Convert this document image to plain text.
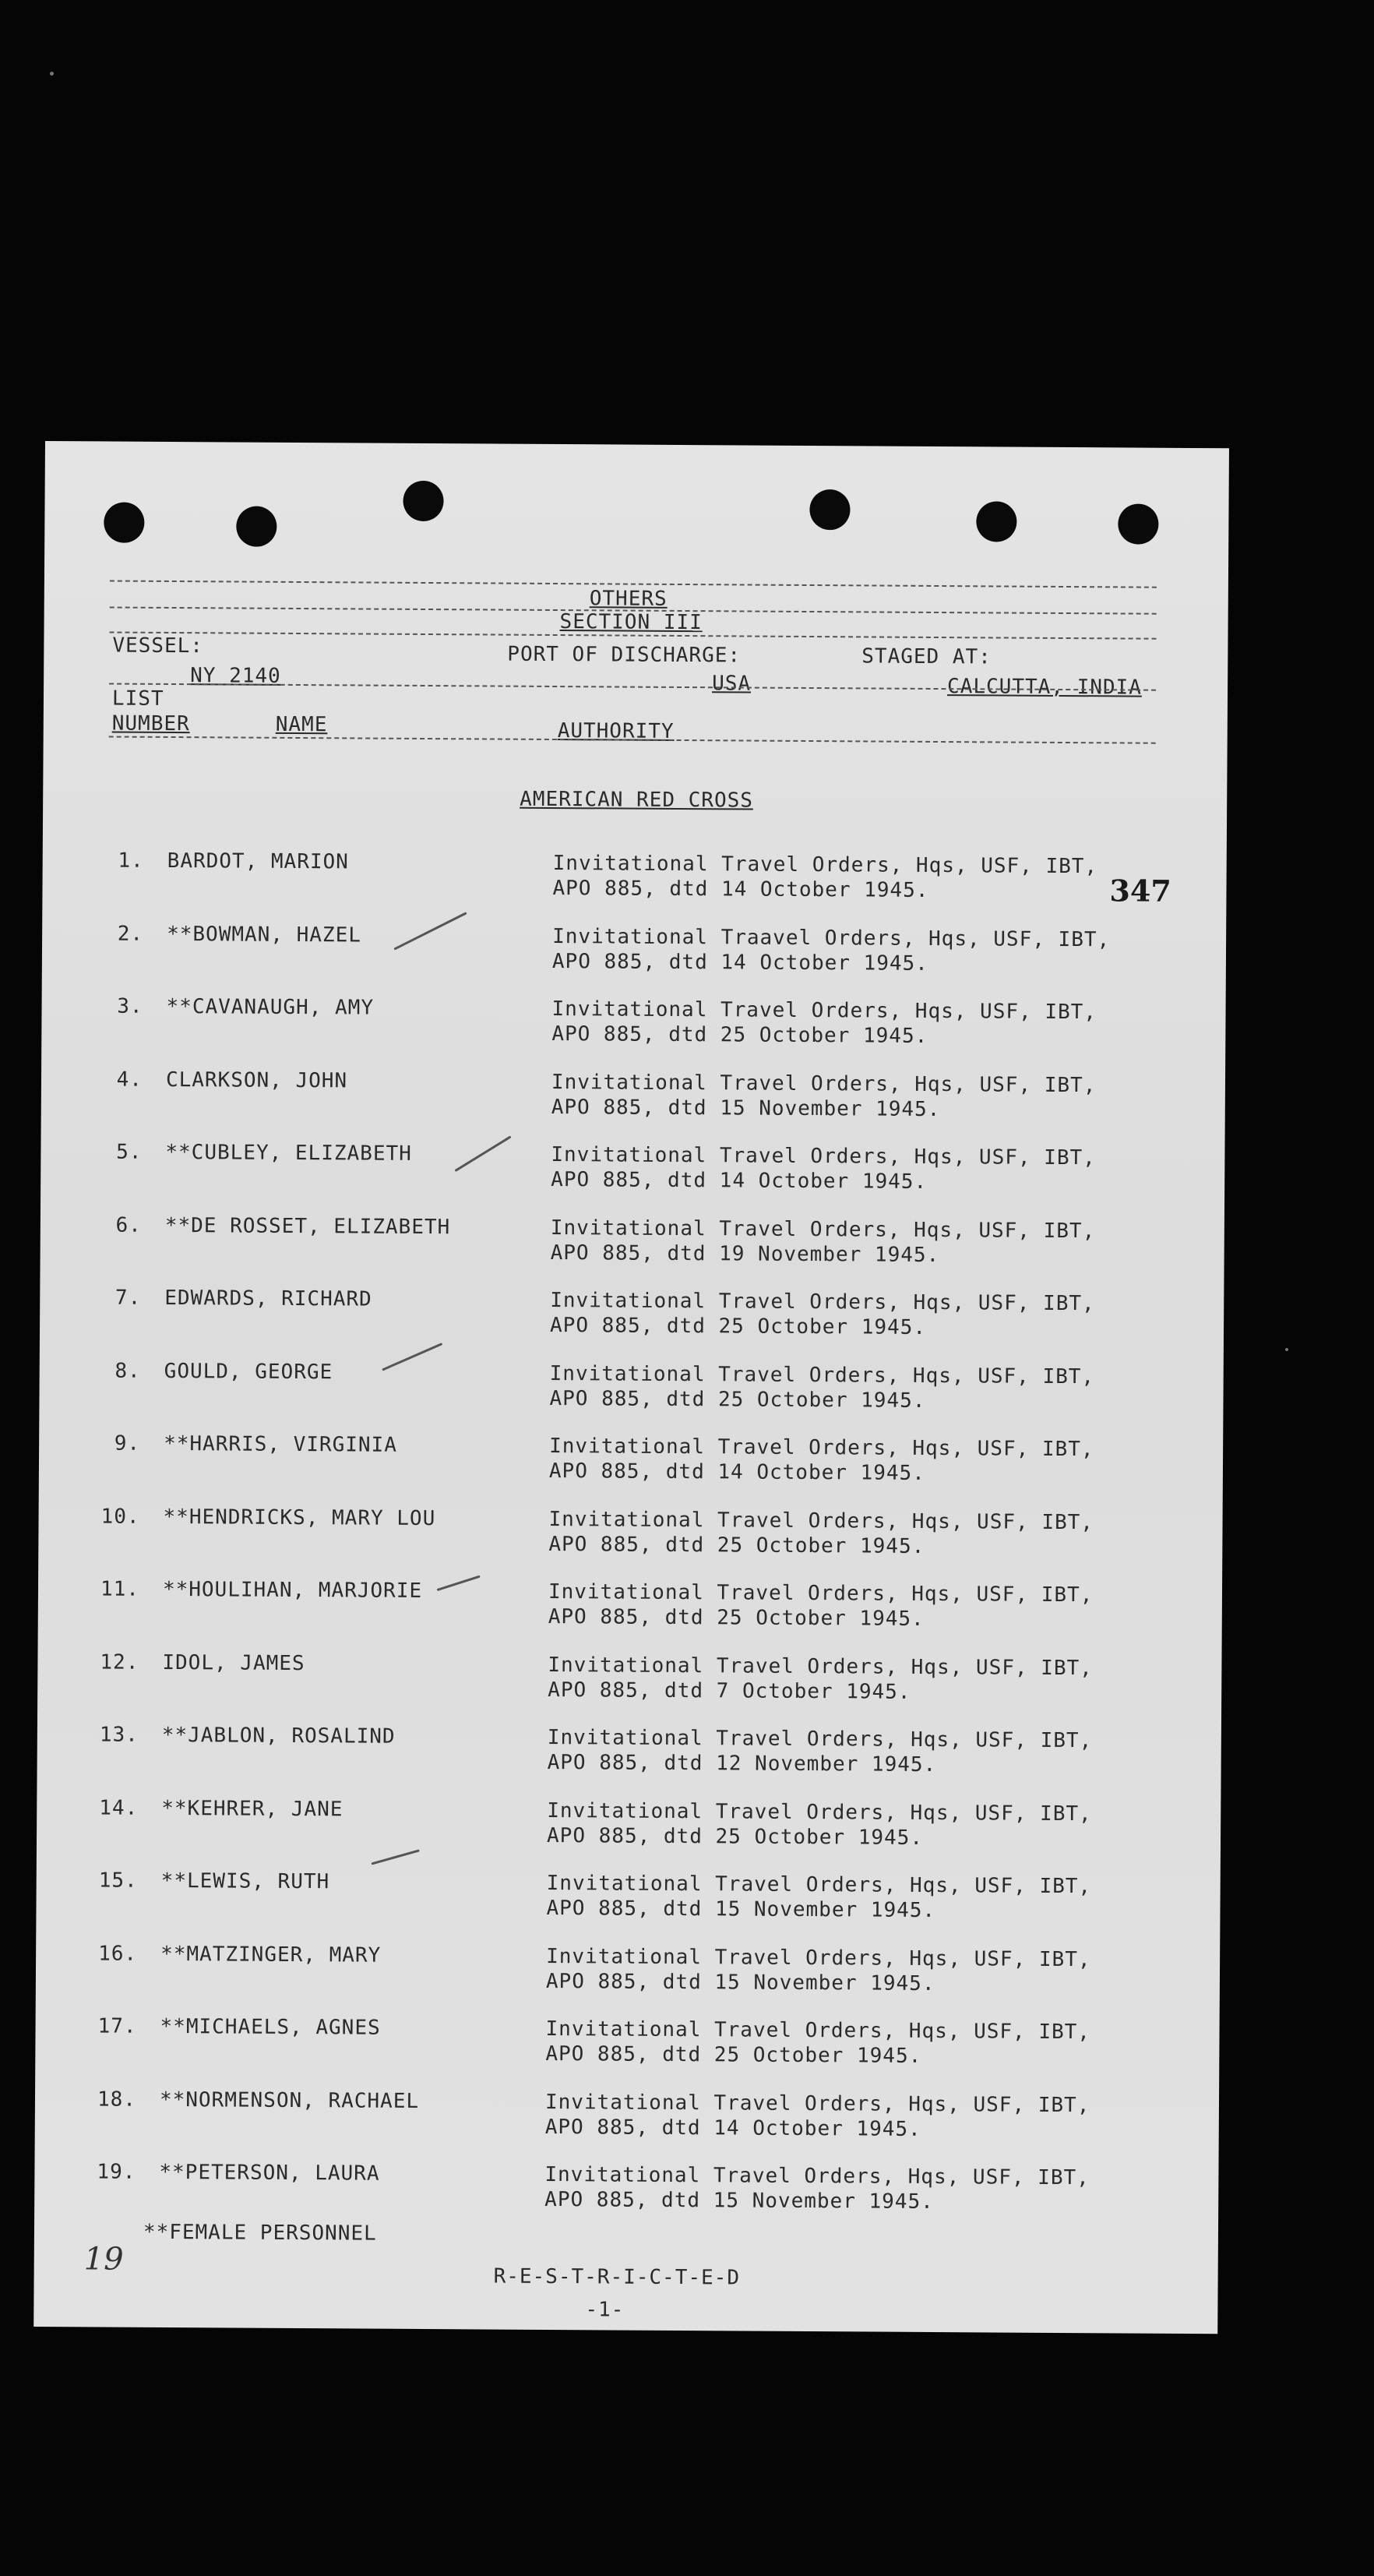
OTHERS
SECTION III
VESSEL:	PORT OF DISCHARGE:	STAGED AT:
NY 2140	USA	CALCUTTA, INDIA
LIST
NUMBER	NAME	AUTHORITY
AMERICAN RED CROSS
347
1. BARDOT, MARION	Invitational Travel Orders, Hqs, USF, IBT,
APO 885, dtd 14 October 1945.
2. **BOWMAN, HAZEL	Invitational Traavel Orders, Hqs, USF, IBT,
APO 885, dtd 14 October 1945.
3. **CAVANAUGH, AMY	Invitational Travel Orders, Hqs, USF, IBT,
APO 885, dtd 25 October 1945.
4. CLARKSON, JOHN	Invitational Travel Orders, Hqs, USF, IBT,
APO 885, dtd 15 November 1945.
5. **CUBLEY, ELIZABETH	Invitational Travel Orders, Hqs, USF, IBT,
APO 885, dtd 14 October 1945.
6. **DE ROSSET, ELIZABETH	Invitational Travel Orders, Hqs, USF, IBT,
APO 885, dtd 19 November 1945.
7. EDWARDS, RICHARD	Invitational Travel Orders, Hqs, USF, IBT,
APO 885, dtd 25 October 1945.
8. GOULD, GEORGE	Invitational Travel Orders, Hqs, USF, IBT,
APO 885, dtd 25 October 1945.
9. **HARRIS, VIRGINIA	Invitational Travel Orders, Hqs, USF, IBT,
APO 885, dtd 14 October 1945.
10. **HENDRICKS, MARY LOU	Invitational Travel Orders, Hqs, USF, IBT,
APO 885, dtd 25 October 1945.
11. **HOULIHAN, MARJORIE	Invitational Travel Orders, Hqs, USF, IBT,
APO 885, dtd 25 October 1945.
12. IDOL, JAMES	Invitational Travel Orders, Hqs, USF, IBT,
APO 885, dtd 7 October 1945.
13. **JABLON, ROSALIND	Invitational Travel Orders, Hqs, USF, IBT,
APO 885, dtd 12 November 1945.
14. **KEHRER, JANE	Invitational Travel Orders, Hqs, USF, IBT,
APO 885, dtd 25 October 1945.
15. **LEWIS, RUTH	Invitational Travel Orders, Hqs, USF, IBT,
APO 885, dtd 15 November 1945.
16. **MATZINGER, MARY	Invitational Travel Orders, Hqs, USF, IBT,
APO 885, dtd 15 November 1945.
17. **MICHAELS, AGNES	Invitational Travel Orders, Hqs, USF, IBT,
APO 885, dtd 25 October 1945.
18. **NORMENSON, RACHAEL	Invitational Travel Orders, Hqs, USF, IBT,
APO 885, dtd 14 October 1945.
19. **PETERSON, LAURA	Invitational Travel Orders, Hqs, USF, IBT,
APO 885, dtd 15 November 1945.
**FEMALE PERSONNEL
19	R-E-S-T-R-I-C-T-E-D
-1-
